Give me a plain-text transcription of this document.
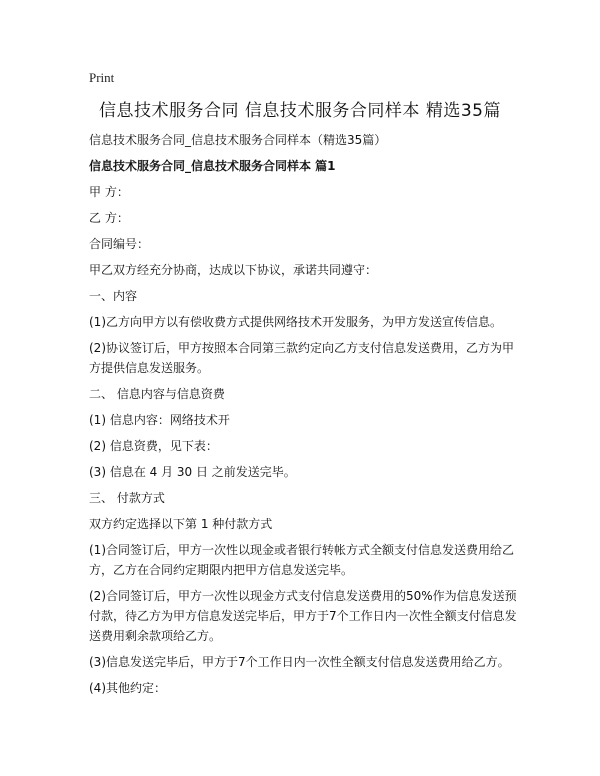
Print
信息技术服务合同 信息技术服务合同样本 精选35篇

信息技术服务合同_信息技术服务合同样本（精选35篇）

信息技术服务合同_信息技术服务合同样本 篇1

甲 方：

乙 方：

合同编号：

甲乙双方经充分协商，达成以下协议，承诺共同遵守：

一、内容

(1)乙方向甲方以有偿收费方式提供网络技术开发服务，为甲方发送宣传信息。

(2)协议签订后，甲方按照本合同第三款约定向乙方支付信息发送费用，乙方为甲方提供信息发送服务。

二、 信息内容与信息资费

(1) 信息内容：网络技术开

(2) 信息资费，见下表：

(3) 信息在 4 月 30 日 之前发送完毕。

三、 付款方式

双方约定选择以下第 1 种付款方式

(1)合同签订后，甲方一次性以现金或者银行转帐方式全额支付信息发送费用给乙方，乙方在合同约定期限内把甲方信息发送完毕。

(2)合同签订后，甲方一次性以现金方式支付信息发送费用的50%作为信息发送预付款，待乙方为甲方信息发送完毕后，甲方于7个工作日内一次性全额支付信息发送费用剩余款项给乙方。

(3)信息发送完毕后，甲方于7个工作日内一次性全额支付信息发送费用给乙方。

(4)其他约定：
